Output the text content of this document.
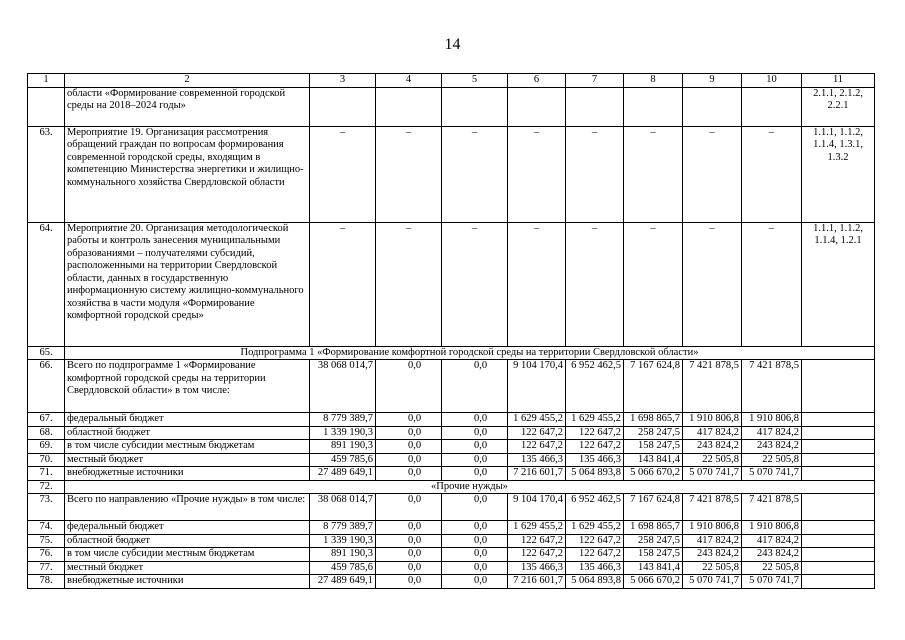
14
1	2	3	4	5	6	7	8	9	10	11
	области «Формирование современной городской среды на 2018–2024 годы»									2.1.1, 2.1.2, 2.2.1
63.	Мероприятие 19. Организация рассмотрения обращений граждан по вопросам формирования современной городской среды, входящим в компетенцию Министерства энергетики и жилищно-коммунального хозяйства Свердловской области	–	–	–	–	–	–	–	–	1.1.1, 1.1.2, 1.1.4, 1.3.1, 1.3.2
64.	Мероприятие 20. Организация методологической работы и контроль занесения муниципальными образованиями – получателями субсидий, расположенными на территории Свердловской области, данных в государственную информационную систему жилищно-коммунального хозяйства в части модуля «Формирование комфортной городской среды»	–	–	–	–	–	–	–	–	1.1.1, 1.1.2, 1.1.4, 1.2.1
65.	Подпрограмма 1 «Формирование комфортной городской среды на территории Свердловской области»									
66.	Всего по подпрограмме 1 «Формирование комфортной городской среды на территории Свердловской области» в том числе:	38 068 014,7	0,0	0,0	9 104 170,4	6 952 462,5	7 167 624,8	7 421 878,5	7 421 878,5	
67.	федеральный бюджет	8 779 389,7	0,0	0,0	1 629 455,2	1 629 455,2	1 698 865,7	1 910 806,8	1 910 806,8	
68.	областной бюджет	1 339 190,3	0,0	0,0	122 647,2	122 647,2	258 247,5	417 824,2	417 824,2	
69.	в том числе субсидии местным бюджетам	891 190,3	0,0	0,0	122 647,2	122 647,2	158 247,5	243 824,2	243 824,2	
70.	местный бюджет	459 785,6	0,0	0,0	135 466,3	135 466,3	143 841,4	22 505,8	22 505,8	
71.	внебюджетные источники	27 489 649,1	0,0	0,0	7 216 601,7	5 064 893,8	5 066 670,2	5 070 741,7	5 070 741,7	
72.	«Прочие нужды»									
73.	Всего по направлению «Прочие нужды» в том числе:	38 068 014,7	0,0	0,0	9 104 170,4	6 952 462,5	7 167 624,8	7 421 878,5	7 421 878,5	
74.	федеральный бюджет	8 779 389,7	0,0	0,0	1 629 455,2	1 629 455,2	1 698 865,7	1 910 806,8	1 910 806,8	
75.	областной бюджет	1 339 190,3	0,0	0,0	122 647,2	122 647,2	258 247,5	417 824,2	417 824,2	
76.	в том числе субсидии местным бюджетам	891 190,3	0,0	0,0	122 647,2	122 647,2	158 247,5	243 824,2	243 824,2	
77.	местный бюджет	459 785,6	0,0	0,0	135 466,3	135 466,3	143 841,4	22 505,8	22 505,8	
78.	внебюджетные источники	27 489 649,1	0,0	0,0	7 216 601,7	5 064 893,8	5 066 670,2	5 070 741,7	5 070 741,7	
